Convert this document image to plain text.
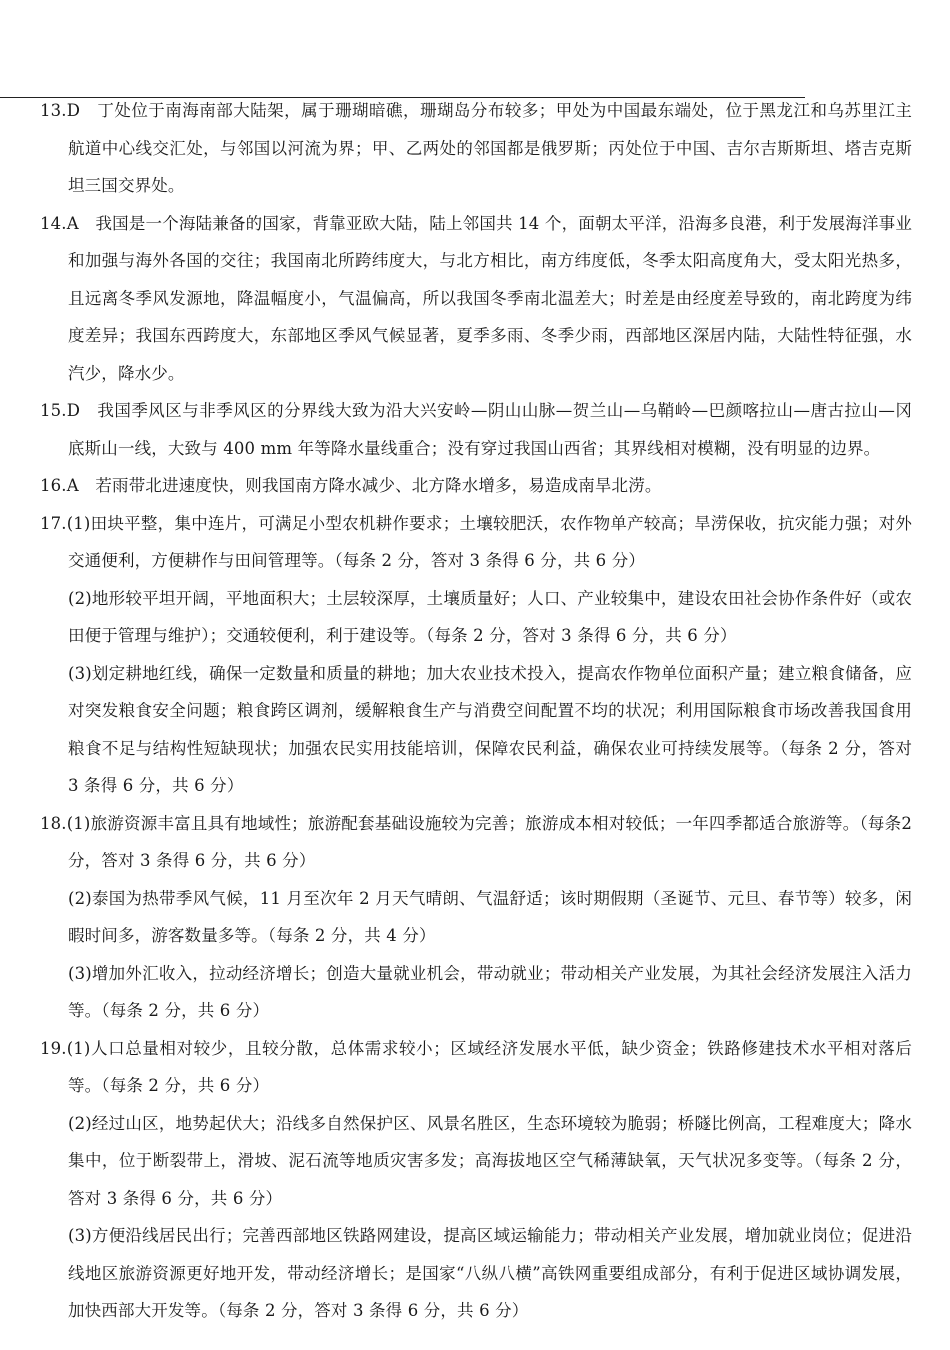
13.D　丁处位于南海南部大陆架，属于珊瑚暗礁，珊瑚岛分布较多；甲处为中国最东端处，位于黑龙江和乌苏里江主航道中心线交汇处，与邻国以河流为界；甲、乙两处的邻国都是俄罗斯；丙处位于中国、吉尔吉斯斯坦、塔吉克斯坦三国交界处。

14.A　我国是一个海陆兼备的国家，背靠亚欧大陆，陆上邻国共 14 个，面朝太平洋，沿海多良港，利于发展海洋事业和加强与海外各国的交往；我国南北所跨纬度大，与北方相比，南方纬度低，冬季太阳高度角大，受太阳光热多，且远离冬季风发源地，降温幅度小，气温偏高，所以我国冬季南北温差大；时差是由经度差导致的，南北跨度为纬度差异；我国东西跨度大，东部地区季风气候显著，夏季多雨、冬季少雨，西部地区深居内陆，大陆性特征强，水汽少，降水少。

15.D　我国季风区与非季风区的分界线大致为沿大兴安岭—阴山山脉—贺兰山—乌鞘岭—巴颜喀拉山—唐古拉山—冈底斯山一线，大致与 400 mm 年等降水量线重合；没有穿过我国山西省；其界线相对模糊，没有明显的边界。

16.A　若雨带北进速度快，则我国南方降水减少、北方降水增多，易造成南旱北涝。

17.(1)田块平整，集中连片，可满足小型农机耕作要求；土壤较肥沃，农作物单产较高；旱涝保收，抗灾能力强；对外交通便利，方便耕作与田间管理等。（每条 2 分，答对 3 条得 6 分，共 6 分）

(2)地形较平坦开阔，平地面积大；土层较深厚，土壤质量好；人口、产业较集中，建设农田社会协作条件好（或农田便于管理与维护）；交通较便利，利于建设等。（每条 2 分，答对 3 条得 6 分，共 6 分）

(3)划定耕地红线，确保一定数量和质量的耕地；加大农业技术投入，提高农作物单位面积产量；建立粮食储备，应对突发粮食安全问题；粮食跨区调剂，缓解粮食生产与消费空间配置不均的状况；利用国际粮食市场改善我国食用粮食不足与结构性短缺现状；加强农民实用技能培训，保障农民利益，确保农业可持续发展等。（每条 2 分，答对 3 条得 6 分，共 6 分）

18.(1)旅游资源丰富且具有地域性；旅游配套基础设施较为完善；旅游成本相对较低；一年四季都适合旅游等。（每条2 分，答对 3 条得 6 分，共 6 分）

(2)泰国为热带季风气候，11 月至次年 2 月天气晴朗、气温舒适；该时期假期（圣诞节、元旦、春节等）较多，闲暇时间多，游客数量多等。（每条 2 分，共 4 分）

(3)增加外汇收入，拉动经济增长；创造大量就业机会，带动就业；带动相关产业发展，为其社会经济发展注入活力等。（每条 2 分，共 6 分）

19.(1)人口总量相对较少，且较分散，总体需求较小；区域经济发展水平低，缺少资金；铁路修建技术水平相对落后等。（每条 2 分，共 6 分）

(2)经过山区，地势起伏大；沿线多自然保护区、风景名胜区，生态环境较为脆弱；桥隧比例高，工程难度大；降水集中，位于断裂带上，滑坡、泥石流等地质灾害多发；高海拔地区空气稀薄缺氧，天气状况多变等。（每条 2 分，答对 3 条得 6 分，共 6 分）

(3)方便沿线居民出行；完善西部地区铁路网建设，提高区域运输能力；带动相关产业发展，增加就业岗位；促进沿线地区旅游资源更好地开发，带动经济增长；是国家“八纵八横”高铁网重要组成部分，有利于促进区域协调发展，加快西部大开发等。（每条 2 分，答对 3 条得 6 分，共 6 分）
